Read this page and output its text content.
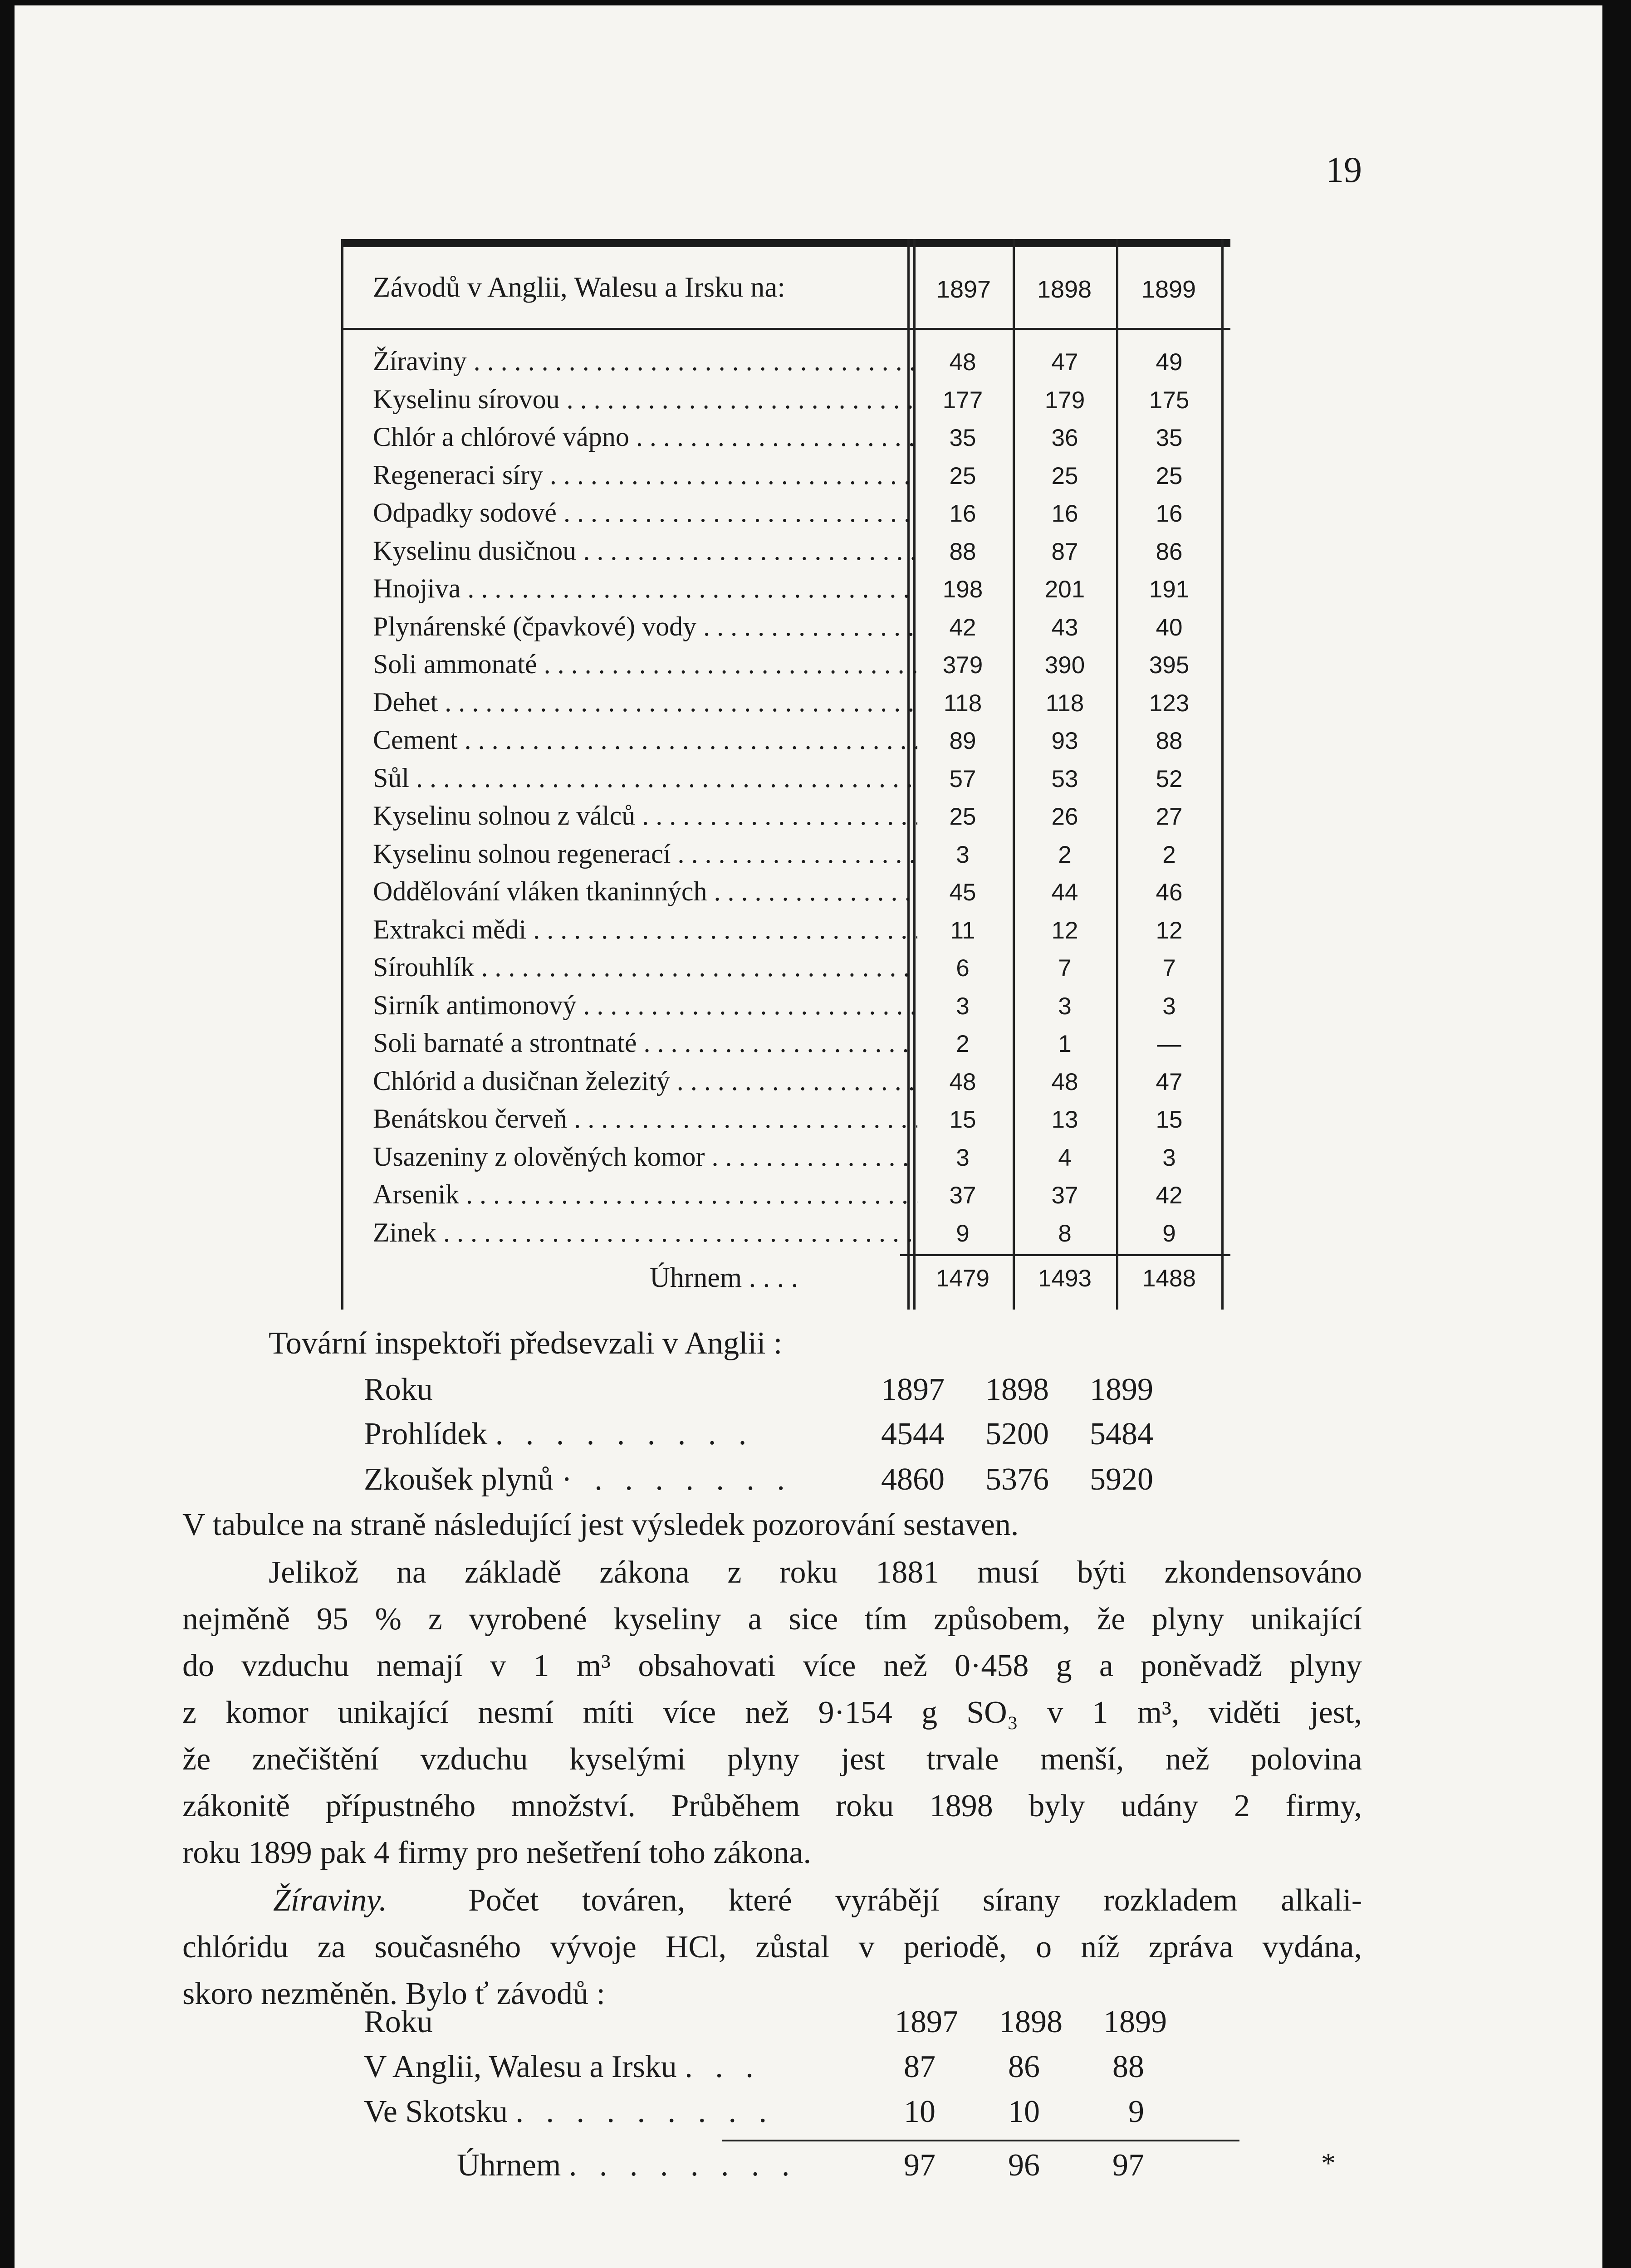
19
Závodů v Anglii, Walesu a Irsku na:	1897	1898	1899
Žíraviny . . .	48	47	49
Kyselinu sírovou . . .	177	179	175
Chlór a chlórové vápno . . .	35	36	35
Regeneraci síry . . .	25	25	25
Odpadky sodové . . .	16	16	16
Kyselinu dusičnou . . .	88	87	86
Hnojiva . . .	198	201	191
Plynárenské (čpavkové) vody . . .	42	43	40
Soli ammonaté . . .	379	390	395
Dehet . . .	118	118	123
Cement . . .	89	93	88
Sůl . . .	57	53	52
Kyselinu solnou z válců . . .	25	26	27
Kyselinu solnou regenerací . . .	3	2	2
Oddělování vláken tkaninných . . .	45	44	46
Extrakci mědi . . .	11	12	12
Sírouhlík . . .	6	7	7
Sirník antimonový . . .	3	3	3
Soli barnaté a strontnaté . . .	2	1	—
Chlórid a dusičnan železitý . . .	48	48	47
Benátskou červeň . . .	15	13	15
Usazeniny z olověných komor . . .	3	4	3
Arsenik . . .	37	37	42
Zinek . . .	9	8	9
Úhrnem . . . .	1479	1493	1488
Tovární inspektoři předsevzali v Anglii :
Roku	1897	1898	1899
Prohlídek . . . . . . . . .	4544	5200	5484
Zkoušek plynů · . . . . . . .	4860	5376	5920
V tabulce na straně následující jest výsledek pozorování sestaven.
Jelikož na základě zákona z roku 1881 musí býti zkondensováno
nejměně 95 % z vyrobené kyseliny a sice tím způsobem, že plyny unikající
do vzduchu nemají v 1 m³ obsahovati více než 0·458 g a poněvadž plyny
z komor unikající nesmí míti více než 9·154 g SO₃ v 1 m³, viděti jest,
že znečištění vzduchu kyselými plyny jest trvale menší, než polovina
zákonitě přípustného množství. Průběhem roku 1898 byly udány 2 firmy,
roku 1899 pak 4 firmy pro nešetření toho zákona.
Žíraviny.	Počet továren, které vyrábějí sírany rozkladem alkali-
chlóridu za současného vývoje HCl, zůstal v periodě, o níž zpráva vydána,
skoro nezměněn. Bylo ť závodů :
Roku	1897	1898	1899
V Anglii, Walesu a Irsku . . .	87	86	88
Ve Skotsku . . . . . . . . .	10	10	9
Úhrnem . . . . . . . .	97	96	97	*
